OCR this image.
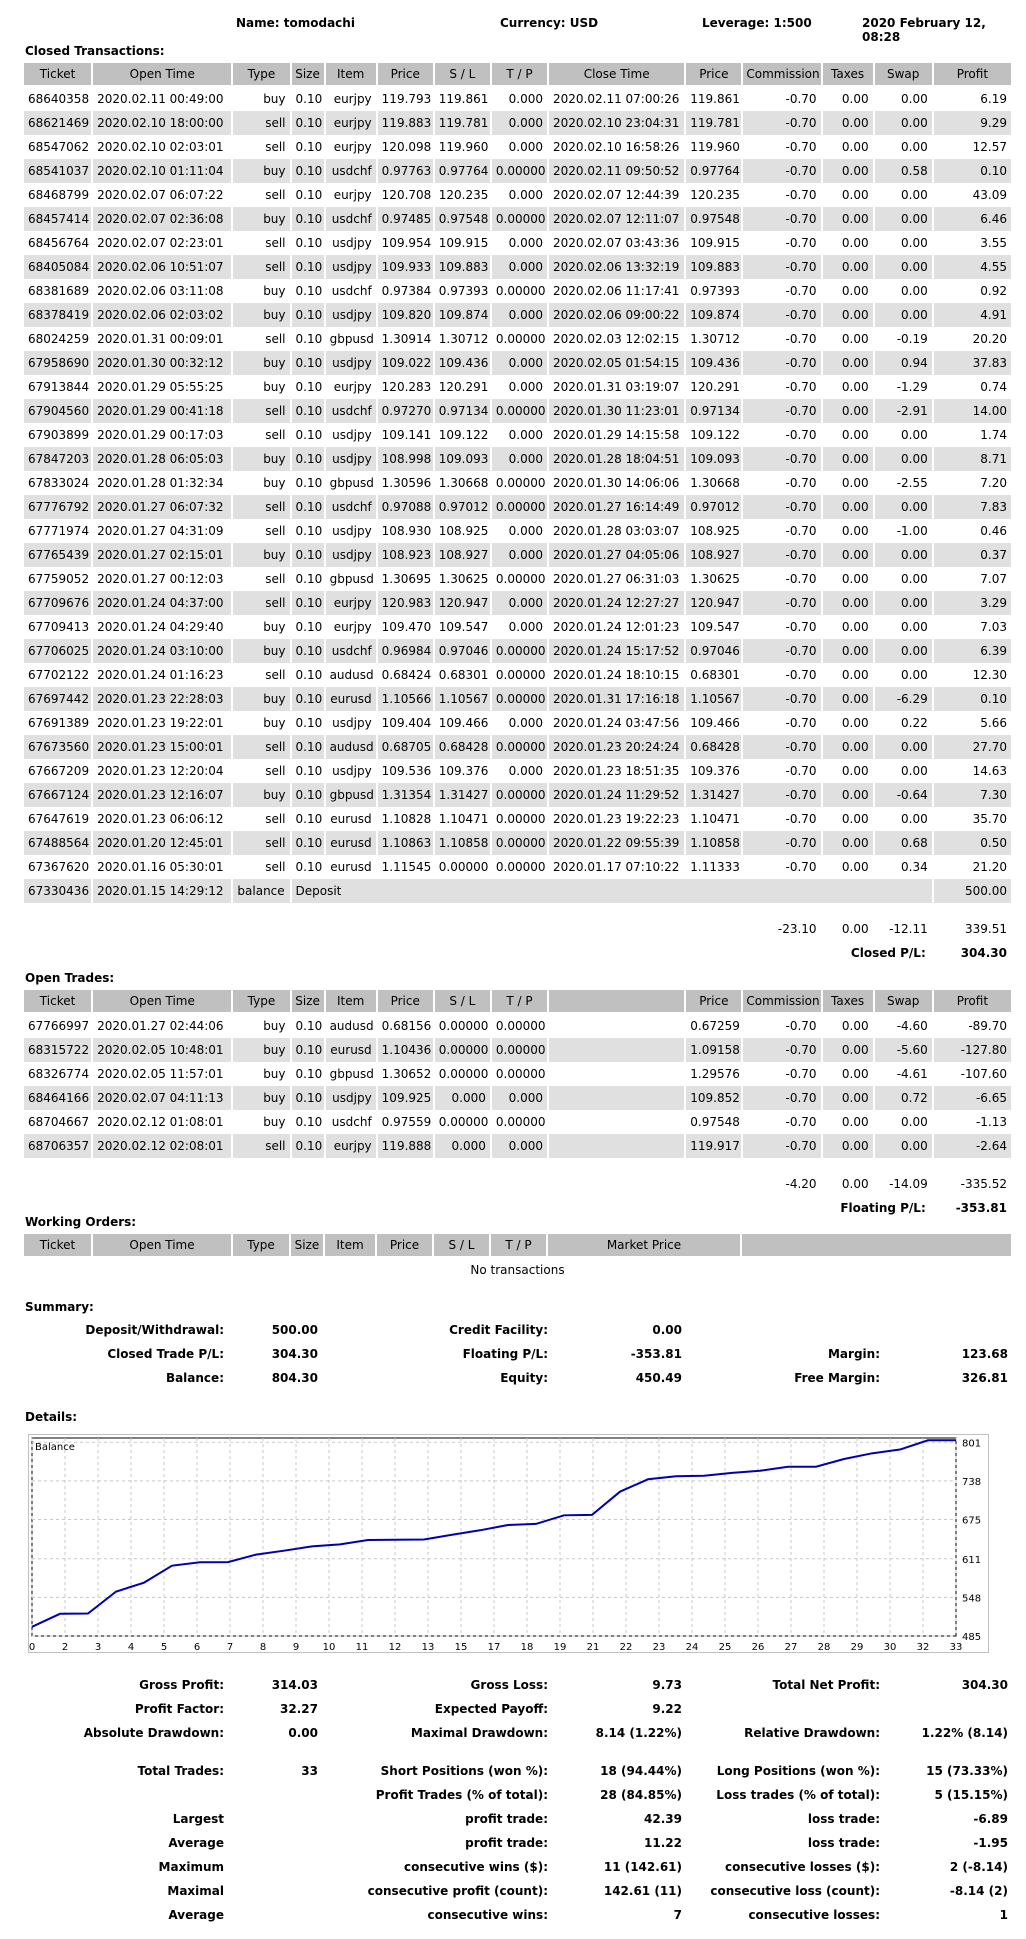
Name: tomodachi	Currency: USD	Leverage: 1:500	2020 February 12, 08:28
Closed Transactions:
Ticket	Open Time	Type	Size	Item	Price	S / L	T / P	Close Time	Price	Commission	Taxes	Swap	Profit
68640358	2020.02.11 00:49:00	buy	0.10	eurjpy	119.793	119.861	0.000	2020.02.11 07:00:26	119.861	-0.70	0.00	0.00	6.19
68621469	2020.02.10 18:00:00	sell	0.10	eurjpy	119.883	119.781	0.000	2020.02.10 23:04:31	119.781	-0.70	0.00	0.00	9.29
68547062	2020.02.10 02:03:01	sell	0.10	eurjpy	120.098	119.960	0.000	2020.02.10 16:58:26	119.960	-0.70	0.00	0.00	12.57
68541037	2020.02.10 01:11:04	buy	0.10	usdchf	0.97763	0.97764	0.00000	2020.02.11 09:50:52	0.97764	-0.70	0.00	0.58	0.10
68468799	2020.02.07 06:07:22	sell	0.10	eurjpy	120.708	120.235	0.000	2020.02.07 12:44:39	120.235	-0.70	0.00	0.00	43.09
68457414	2020.02.07 02:36:08	buy	0.10	usdchf	0.97485	0.97548	0.00000	2020.02.07 12:11:07	0.97548	-0.70	0.00	0.00	6.46
68456764	2020.02.07 02:23:01	sell	0.10	usdjpy	109.954	109.915	0.000	2020.02.07 03:43:36	109.915	-0.70	0.00	0.00	3.55
68405084	2020.02.06 10:51:07	sell	0.10	usdjpy	109.933	109.883	0.000	2020.02.06 13:32:19	109.883	-0.70	0.00	0.00	4.55
68381689	2020.02.06 03:11:08	buy	0.10	usdchf	0.97384	0.97393	0.00000	2020.02.06 11:17:41	0.97393	-0.70	0.00	0.00	0.92
68378419	2020.02.06 02:03:02	buy	0.10	usdjpy	109.820	109.874	0.000	2020.02.06 09:00:22	109.874	-0.70	0.00	0.00	4.91
68024259	2020.01.31 00:09:01	sell	0.10	gbpusd	1.30914	1.30712	0.00000	2020.02.03 12:02:15	1.30712	-0.70	0.00	-0.19	20.20
67958690	2020.01.30 00:32:12	buy	0.10	usdjpy	109.022	109.436	0.000	2020.02.05 01:54:15	109.436	-0.70	0.00	0.94	37.83
67913844	2020.01.29 05:55:25	buy	0.10	eurjpy	120.283	120.291	0.000	2020.01.31 03:19:07	120.291	-0.70	0.00	-1.29	0.74
67904560	2020.01.29 00:41:18	sell	0.10	usdchf	0.97270	0.97134	0.00000	2020.01.30 11:23:01	0.97134	-0.70	0.00	-2.91	14.00
67903899	2020.01.29 00:17:03	sell	0.10	usdjpy	109.141	109.122	0.000	2020.01.29 14:15:58	109.122	-0.70	0.00	0.00	1.74
67847203	2020.01.28 06:05:03	buy	0.10	usdjpy	108.998	109.093	0.000	2020.01.28 18:04:51	109.093	-0.70	0.00	0.00	8.71
67833024	2020.01.28 01:32:34	buy	0.10	gbpusd	1.30596	1.30668	0.00000	2020.01.30 14:06:06	1.30668	-0.70	0.00	-2.55	7.20
67776792	2020.01.27 06:07:32	sell	0.10	usdchf	0.97088	0.97012	0.00000	2020.01.27 16:14:49	0.97012	-0.70	0.00	0.00	7.83
67771974	2020.01.27 04:31:09	sell	0.10	usdjpy	108.930	108.925	0.000	2020.01.28 03:03:07	108.925	-0.70	0.00	-1.00	0.46
67765439	2020.01.27 02:15:01	buy	0.10	usdjpy	108.923	108.927	0.000	2020.01.27 04:05:06	108.927	-0.70	0.00	0.00	0.37
67759052	2020.01.27 00:12:03	sell	0.10	gbpusd	1.30695	1.30625	0.00000	2020.01.27 06:31:03	1.30625	-0.70	0.00	0.00	7.07
67709676	2020.01.24 04:37:00	sell	0.10	eurjpy	120.983	120.947	0.000	2020.01.24 12:27:27	120.947	-0.70	0.00	0.00	3.29
67709413	2020.01.24 04:29:40	buy	0.10	eurjpy	109.470	109.547	0.000	2020.01.24 12:01:23	109.547	-0.70	0.00	0.00	7.03
67706025	2020.01.24 03:10:00	buy	0.10	usdchf	0.96984	0.97046	0.00000	2020.01.24 15:17:52	0.97046	-0.70	0.00	0.00	6.39
67702122	2020.01.24 01:16:23	sell	0.10	audusd	0.68424	0.68301	0.00000	2020.01.24 18:10:15	0.68301	-0.70	0.00	0.00	12.30
67697442	2020.01.23 22:28:03	buy	0.10	eurusd	1.10566	1.10567	0.00000	2020.01.31 17:16:18	1.10567	-0.70	0.00	-6.29	0.10
67691389	2020.01.23 19:22:01	buy	0.10	usdjpy	109.404	109.466	0.000	2020.01.24 03:47:56	109.466	-0.70	0.00	0.22	5.66
67673560	2020.01.23 15:00:01	sell	0.10	audusd	0.68705	0.68428	0.00000	2020.01.23 20:24:24	0.68428	-0.70	0.00	0.00	27.70
67667209	2020.01.23 12:20:04	sell	0.10	usdjpy	109.536	109.376	0.000	2020.01.23 18:51:35	109.376	-0.70	0.00	0.00	14.63
67667124	2020.01.23 12:16:07	buy	0.10	gbpusd	1.31354	1.31427	0.00000	2020.01.24 11:29:52	1.31427	-0.70	0.00	-0.64	7.30
67647619	2020.01.23 06:06:12	sell	0.10	eurusd	1.10828	1.10471	0.00000	2020.01.23 19:22:23	1.10471	-0.70	0.00	0.00	35.70
67488564	2020.01.20 12:45:01	sell	0.10	eurusd	1.10863	1.10858	0.00000	2020.01.22 09:55:39	1.10858	-0.70	0.00	0.68	0.50
67367620	2020.01.16 05:30:01	sell	0.10	eurusd	1.11545	0.00000	0.00000	2020.01.17 07:10:22	1.11333	-0.70	0.00	0.34	21.20
67330436	2020.01.15 14:29:12	balance	Deposit										500.00
	-23.10	0.00	-12.11	339.51
	Closed P/L:			304.30
Open Trades:
Ticket	Open Time	Type	Size	Item	Price	S / L	T / P		Price	Commission	Taxes	Swap	Profit
67766997	2020.01.27 02:44:06	buy	0.10	audusd	0.68156	0.00000	0.00000		0.67259	-0.70	0.00	-4.60	-89.70
68315722	2020.02.05 10:48:01	buy	0.10	eurusd	1.10436	0.00000	0.00000		1.09158	-0.70	0.00	-5.60	-127.80
68326774	2020.02.05 11:57:01	buy	0.10	gbpusd	1.30652	0.00000	0.00000		1.29576	-0.70	0.00	-4.61	-107.60
68464166	2020.02.07 04:11:13	buy	0.10	usdjpy	109.925	0.000	0.000		109.852	-0.70	0.00	0.72	-6.65
68704667	2020.02.12 01:08:01	buy	0.10	usdchf	0.97559	0.00000	0.00000		0.97548	-0.70	0.00	0.00	-1.13
68706357	2020.02.12 02:08:01	sell	0.10	eurjpy	119.888	0.000	0.000		119.917	-0.70	0.00	0.00	-2.64
	-4.20	0.00	-14.09	-335.52
	Floating P/L:			-353.81
Working Orders:
Ticket	Open Time	Type	Size	Item	Price	S / L	T / P	Market Price	
No transactions
Summary:
Details:
485
548
611
675
738
801
0	2	3	4	5	6	7	8	9 10 11 12 13 15 17 18 19 21 22 23 24 25 26 27 28 29 30 32 33
Balance
Deposit/Withdrawal:	500.00	Credit Facility:	0.00
Closed Trade P/L:	304.30	Floating P/L:	-353.81	Margin:	123.68
Balance:	804.30	Equity:	450.49	Free Margin:	326.81
Gross Profit:	314.03	Gross Loss:	9.73	Total Net Profit:	304.30
Profit Factor:	32.27	Expected Payoff:	9.22
Absolute Drawdown:	0.00	Maximal Drawdown:	8.14 (1.22%)	Relative Drawdown:	1.22% (8.14)
Total Trades:	33	Short Positions (won %):	18 (94.44%)	Long Positions (won %):	15 (73.33%)
Profit Trades (% of total):	28 (84.85%)	Loss trades (% of total):	5 (15.15%)
Largest	profit trade:	42.39	loss trade:	-6.89
Average	profit trade:	11.22	loss trade:	-1.95
Maximum	consecutive wins ($):	11 (142.61)	consecutive losses ($):	2 (-8.14)
Maximal	consecutive profit (count):	142.61 (11)	consecutive loss (count):	-8.14 (2)
Average	consecutive wins:	7	consecutive losses:	1
